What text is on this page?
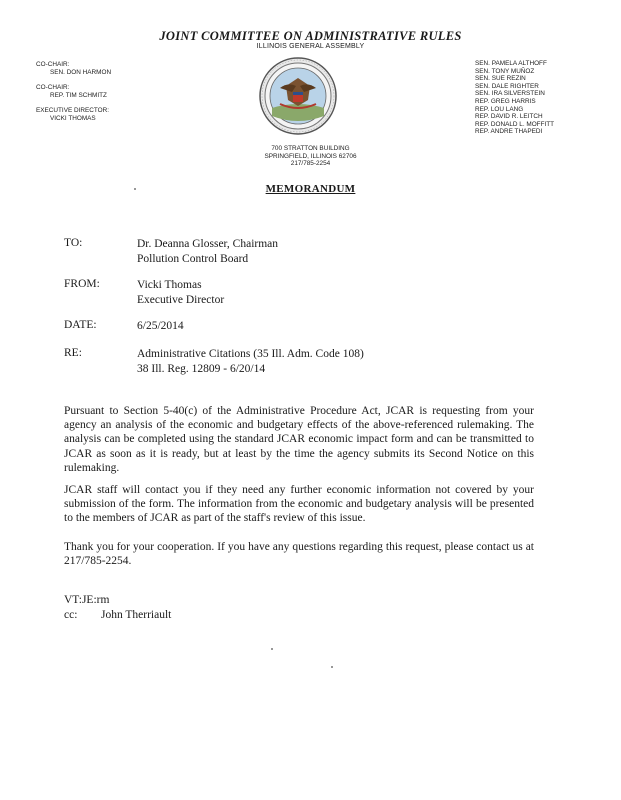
JOINT COMMITTEE ON ADMINISTRATIVE RULES
ILLINOIS GENERAL ASSEMBLY
CO-CHAIR:
SEN. DON HARMON
CO-CHAIR:
REP. TIM SCHMITZ
EXECUTIVE DIRECTOR:
VICKI THOMAS
SEN. PAMELA ALTHOFF
SEN. TONY MUÑOZ
SEN. SUE REZIN
SEN. DALE RIGHTER
SEN. IRA SILVERSTEIN
REP. GREG HARRIS
REP. LOU LANG
REP. DAVID R. LEITCH
REP. DONALD L. MOFFITT
REP. ANDRE THAPEDI
700 STRATTON BUILDING
SPRINGFIELD, ILLINOIS 62706
217/785-2254
MEMORANDUM
TO:	Dr. Deanna Glosser, Chairman
Pollution Control Board
FROM:	Vicki Thomas
Executive Director
DATE:	6/25/2014
RE:	Administrative Citations (35 Ill. Adm. Code 108)
38 Ill. Reg. 12809 - 6/20/14
Pursuant to Section 5-40(c) of the Administrative Procedure Act, JCAR is requesting from your agency an analysis of the economic and budgetary effects of the above-referenced rulemaking. The analysis can be completed using the standard JCAR economic impact form and can be transmitted to JCAR as soon as it is ready, but at least by the time the agency submits its Second Notice on this rulemaking.
JCAR staff will contact you if they need any further economic information not covered by your submission of the form. The information from the economic and budgetary analysis will be presented to the members of JCAR as part of the staff's review of this issue.
Thank you for your cooperation. If you have any questions regarding this request, please contact us at 217/785-2254.
VT:JE:rm
cc: John Therriault
